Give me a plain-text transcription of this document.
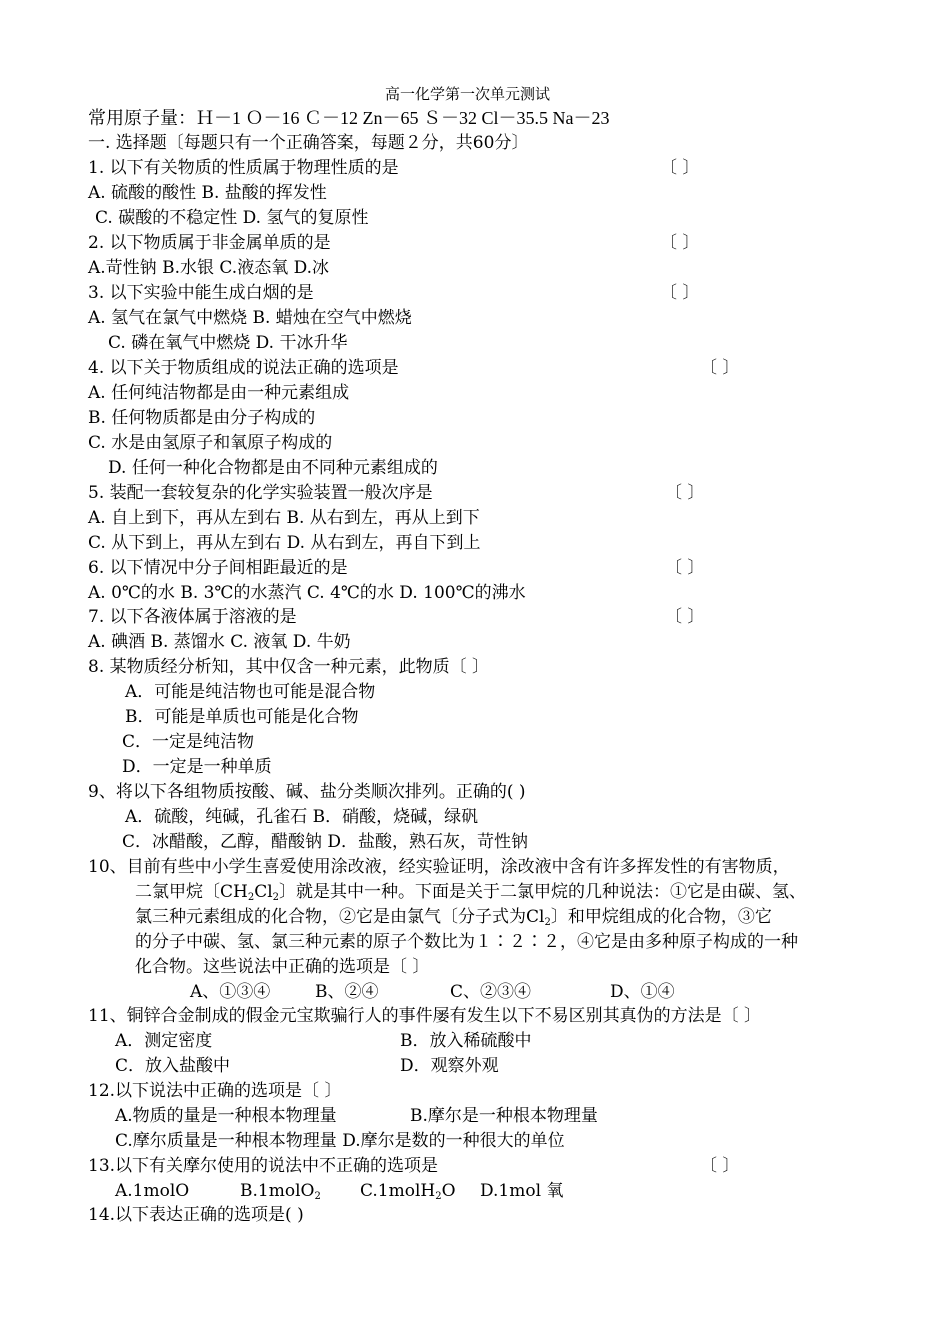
高一化学第一次单元测试
常用原子量：Ｈ－1 Ｏ－16 Ｃ－12 Zn－65 Ｓ－32 Cl－35.5 Na－23
一. 选择题〔每题只有一个正确答案，每题２分，共60分〕
1. 以下有关物质的性质属于物理性质的是	〔 〕
A. 硫酸的酸性 B. 盐酸的挥发性
C. 碳酸的不稳定性 D. 氢气的复原性
2. 以下物质属于非金属单质的是	〔 〕
A.苛性钠 B.水银 C.液态氧 D.冰
3. 以下实验中能生成白烟的是	〔 〕
A. 氢气在氯气中燃烧 B. 蜡烛在空气中燃烧
C. 磷在氧气中燃烧 D. 干冰升华
4. 以下关于物质组成的说法正确的选项是	〔 〕
A. 任何纯洁物都是由一种元素组成
B. 任何物质都是由分子构成的
C. 水是由氢原子和氧原子构成的
D. 任何一种化合物都是由不同种元素组成的
5. 装配一套较复杂的化学实验装置一般次序是	〔 〕
A. 自上到下，再从左到右 B. 从右到左，再从上到下
C. 从下到上，再从左到右 D. 从右到左，再自下到上
6. 以下情况中分子间相距最近的是	〔 〕
A. 0℃的水 B. 3℃的水蒸汽 C. 4℃的水 D. 100℃的沸水
7. 以下各液体属于溶液的是	〔 〕
A. 碘酒 B. 蒸馏水 C. 液氧 D. 牛奶
8. 某物质经分析知，其中仅含一种元素，此物质〔 〕
A．可能是纯洁物也可能是混合物
B．可能是单质也可能是化合物
C．一定是纯洁物
D．一定是一种单质
9、将以下各组物质按酸、碱、盐分类顺次排列。正确的( )
A．硫酸，纯碱，孔雀石 B．硝酸，烧碱，绿矾
C．冰醋酸，乙醇，醋酸钠 D．盐酸，熟石灰，苛性钠
10、目前有些中小学生喜爱使用涂改液，经实验证明，涂改液中含有许多挥发性的有害物质，
二氯甲烷〔$CH_2Cl_2$〕就是其中一种。下面是关于二氯甲烷的几种说法：①它是由碳、氢、
氯三种元素组成的化合物，②它是由氯气〔分子式为$Cl_2$〕和甲烷组成的化合物，③它
的分子中碳、氢、氯三种元素的原子个数比为１∶２∶２，④它是由多种原子构成的一种
化合物。这些说法中正确的选项是〔 〕
A、①③④	B、②④	C、②③④	D、①④
11、铜锌合金制成的假金元宝欺骗行人的事件屡有发生以下不易区别其真伪的方法是〔 〕
A．测定密度	B．放入稀硫酸中
C．放入盐酸中	D．观察外观
12.以下说法中正确的选项是〔 〕
A.物质的量是一种根本物理量	B.摩尔是一种根本物理量
C.摩尔质量是一种根本物理量 D.摩尔是数的一种很大的单位
13.以下有关摩尔使用的说法中不正确的选项是	〔 〕
A.1molO	B.1molO$_2$ C.1molH$_2$O D.1mol 氧
14.以下表达正确的选项是( )
